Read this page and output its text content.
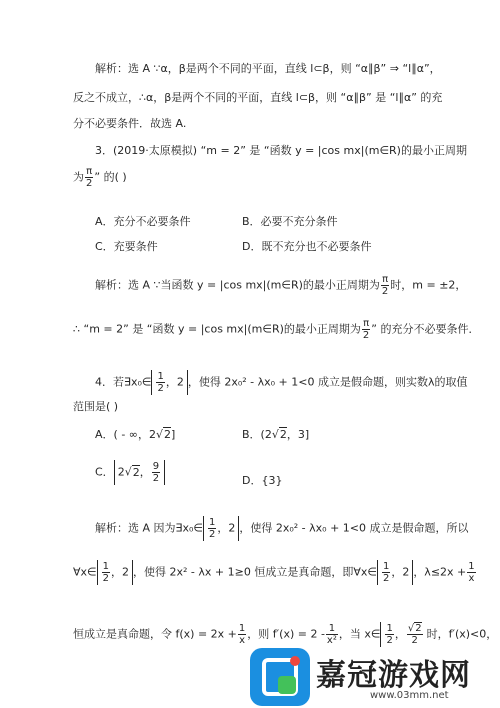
解析：选 A ∵α，β是两个不同的平面，直线 l⊂β，则 “α∥β” ⇒ “l∥α”，
反之不成立，∴α，β是两个不同的平面，直线 l⊂β，则 “α∥β” 是 “l∥α” 的充
分不必要条件．故选 A.
3．(2019·太原模拟) “m = 2” 是 “函数 y = |cos mx|(m∈R)的最小正周期
为 $\frac{\pi}{2}$ ” 的( )
A．充分不必要条件	B．必要不充分条件
C．充要条件	D．既不充分也不必要条件
解析：选 A ∵当函数 y = |cos mx|(m∈R)的最小正周期为 $\frac{\pi}{2}$ 时，m = ±2，
∴ “m = 2” 是 “函数 y = |cos mx|(m∈R)的最小正周期为 $\frac{\pi}{2}$ ” 的充分不必要条件．
4．若∃x₀∈ $\frac{1}{2}$ ，2 ，使得 2x₀² - λx₀ + 1<0 成立是假命题，则实数λ的取值
范围是( )
A．( - ∞，2√2]	B．(2√2，3]
C． 2√2， $\frac{9}{2}$	D．{3}
解析：选 A 因为∃x₀∈ $\frac{1}{2}$ ，2 ，使得 2x₀² - λx₀ + 1<0 成立是假命题，所以
∀x∈ $\frac{1}{2}$ ，2 ，使得 2x² - λx + 1≥0 恒成立是真命题，即∀x∈ $\frac{1}{2}$ ，2 ，$\lambda\le 2x + \frac{1}{x}$
恒成立是真命题，令 $f(x) = 2x + \frac{1}{x}$ ，则 $f'(x) = 2 - \frac{1}{\text{x²}}$ ，当 x∈ $\frac{1}{2}$ ， $\frac{√2}{2}$ 时，f′(x)<0，
嘉冠游戏网
www.03mm.net
